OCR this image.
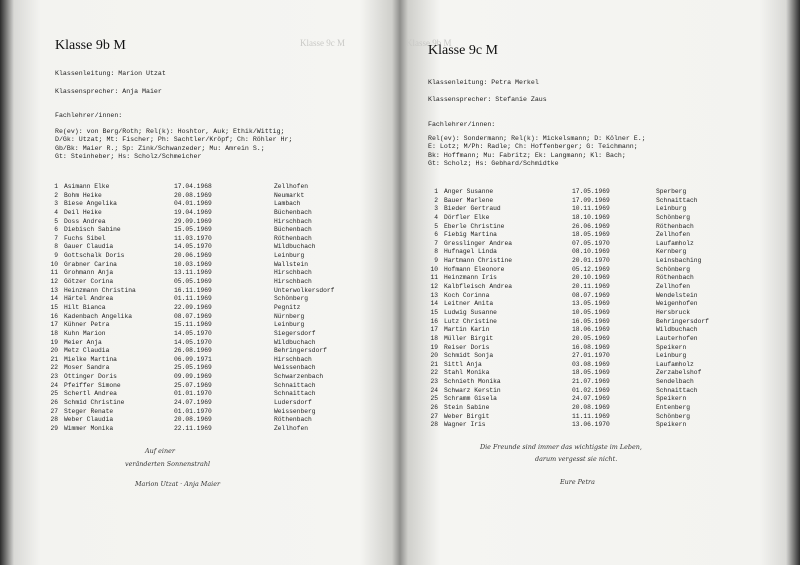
Klasse 9c M
Klasse 9b M
Klassenleitung: Marion Utzat
Klassensprecher: Anja Maier
Fachlehrer/innen:
Re(ev): von Berg/Roth; Rel(k): Hoshtor, Auk; Ethik/Wittig;
D/Gk: Utzat; Mt: Fischer; Ph: Sachtler/Kröpf; Ch: Röhler Hr;
Gb/Bk: Maier R.; Sp: Zink/Schwanzeder; Mu: Amrein S.;
Gt: Steinheber; Hs: Scholz/Schmeicher
1 Asimann Elke	17.04.1968	Zellhofen
2 Bohm Heike	20.08.1969	Neumarkt
3 Biese Angelika	04.01.1969	Lambach
4 Deil Heike	19.04.1969	Büchenbach
5 Doss Andrea	29.09.1969	Hirschbach
6 Diebisch Sabine	15.05.1969	Büchenbach
7 Fuchs Sibel	11.03.1970	Röthenbach
8 Gauer Claudia	14.05.1970	Wildbuchach
9 Gottschalk Doris	20.06.1969	Leinburg
10 Grabner Carina	10.03.1969	Wallstein
11 Grohmann Anja	13.11.1969	Hirschbach
12 Götzer Corina	05.05.1969	Hirschbach
13 Heinzmann Christina	16.11.1969	Unterwolkersdorf
14 Härtel Andrea	01.11.1969	Schönberg
15 Hilt Bianca	22.09.1969	Pegnitz
16 Kadenbach Angelika	08.07.1969	Nürnberg
17 Kühner Petra	15.11.1969	Leinburg
18 Kuhn Marion	14.05.1970	Siegersdorf
19 Meier Anja	14.05.1970	Wildbuchach
20 Metz Claudia	26.08.1969	Behringersdorf
21 Mielke Martina	06.09.1971	Hirschbach
22 Moser Sandra	25.05.1969	Weissenbach
23 Ottinger Doris	09.09.1969	Schwarzenbach
24 Pfeiffer Simone	25.07.1969	Schnaittach
25 Schertl Andrea	01.01.1970	Schnaittach
26 Schmid Christine	24.07.1969	Ludersdorf
27 Steger Renate	01.01.1970	Weissenberg
28 Weber Claudia	20.08.1969	Röthenbach
29 Wimmer Monika	22.11.1969	Zellhofen
Auf einer
veränderten Sonnenstrahl
Marion Utzat · Anja Maier
Klasse 9b M
Klasse 9c M
Klassenleitung: Petra Merkel
Klassensprecher: Stefanie Zaus
Fachlehrer/innen:
Rel(ev): Sondermann; Rel(k): Mickelsmann; D: Kölner E.;
E: Lotz; M/Ph: Radle; Ch: Hoffenberger; G: Teichmann;
Bk: Hoffmann; Mu: Fabritz; Ek: Langmann; Kl: Bach;
Gt: Scholz; Hs: Gebhard/Schmidtke
1 Anger Susanne	17.05.1969	Sperberg
2 Bauer Marlene	17.09.1969	Schnaittach
3 Bieder Gertraud	10.11.1969	Leinburg
4 Dörfler Elke	18.10.1969	Schönberg
5 Eberle Christine	26.06.1969	Röthenbach
6 Fiebig Martina	18.05.1969	Zellhofen
7 Gresslinger Andrea	07.05.1970	Laufamholz
8 Hufnagel Linda	08.10.1969	Kernberg
9 Hartmann Christine	20.01.1970	Leinsbaching
10 Hofmann Eleonore	05.12.1969	Schönberg
11 Heinzmann Iris	20.10.1969	Röthenbach
12 Kalbfleisch Andrea	20.11.1969	Zellhofen
13 Koch Corinna	08.07.1969	Wendelstein
14 Leitner Anita	13.05.1969	Weigenhofen
15 Ludwig Susanne	10.05.1969	Hersbruck
16 Lutz Christine	16.05.1969	Behringersdorf
17 Martin Karin	18.06.1969	Wildbuchach
18 Müller Birgit	20.05.1969	Lauterhofen
19 Reiser Doris	16.08.1969	Speikern
20 Schmidt Sonja	27.01.1970	Leinburg
21 Sittl Anja	03.08.1969	Laufamholz
22 Stahl Monika	18.05.1969	Zerzabelshof
23 Schnieth Monika	21.07.1969	Sendelbach
24 Schwarz Kerstin	01.02.1969	Schnaittach
25 Schramm Gisela	24.07.1969	Speikern
26 Stein Sabine	20.08.1969	Entenberg
27 Weber Birgit	11.11.1969	Schönberg
28 Wagner Iris	13.06.1970	Speikern
Die Freunde sind immer das wichtigste im Leben,
darum vergesst sie nicht.
Eure Petra
